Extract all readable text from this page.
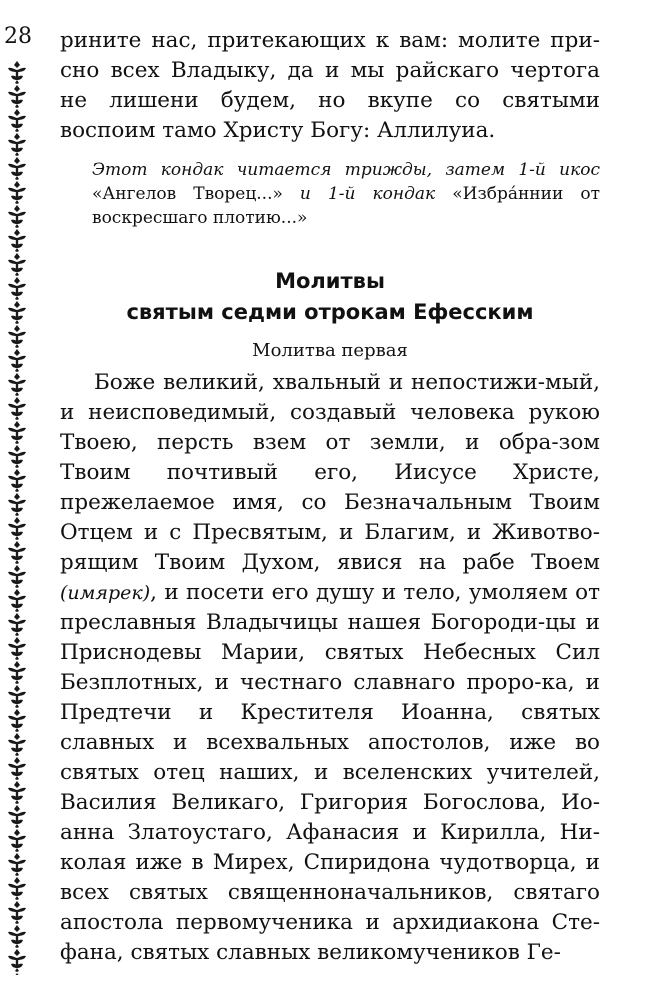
28 рините нас, притекающих к вам: молите при-сно всех Владыку, да и мы райскаго чертога не лишени будем, но вкупе со святыми воспоим тамо Христу Богу: Аллилуиа.

Этот кондак читается трижды, затем 1-й икос «Ангелов Творец...» и 1-й кондак «Избра́ннии от воскресшаго плотию...»

Молитвы
святым седми отрокам Ефесским
Молитва первая

Боже великий, хвальный и непостижи-мый, и неисповедимый, создавый человека рукою Твоею, персть взем от земли, и обра-зом Твоим почтивый его, Иисусе Христе, прежелаемое имя, со Безначальным Твоим Отцем и с Пресвятым, и Благим, и Животво-рящим Твоим Духом, явися на рабе Твоем (имярек), и посети его душу и тело, умоляем от преславныя Владычицы нашея Богороди-цы и Приснодевы Марии, святых Небесных Сил Безплотных, и честнаго славнаго проро-ка, и Предтечи и Крестителя Иоанна, святых славных и всехвальных апостолов, иже во святых отец наших, и вселенских учителей, Василия Великаго, Григория Богослова, Ио-анна Златоустаго, Афанасия и Кирилла, Ни-колая иже в Мирех, Спиридона чудотворца, и всех святых священноначальников, святаго апостола первомученика и архидиакона Сте-фана, святых славных великомучеников Ге-
